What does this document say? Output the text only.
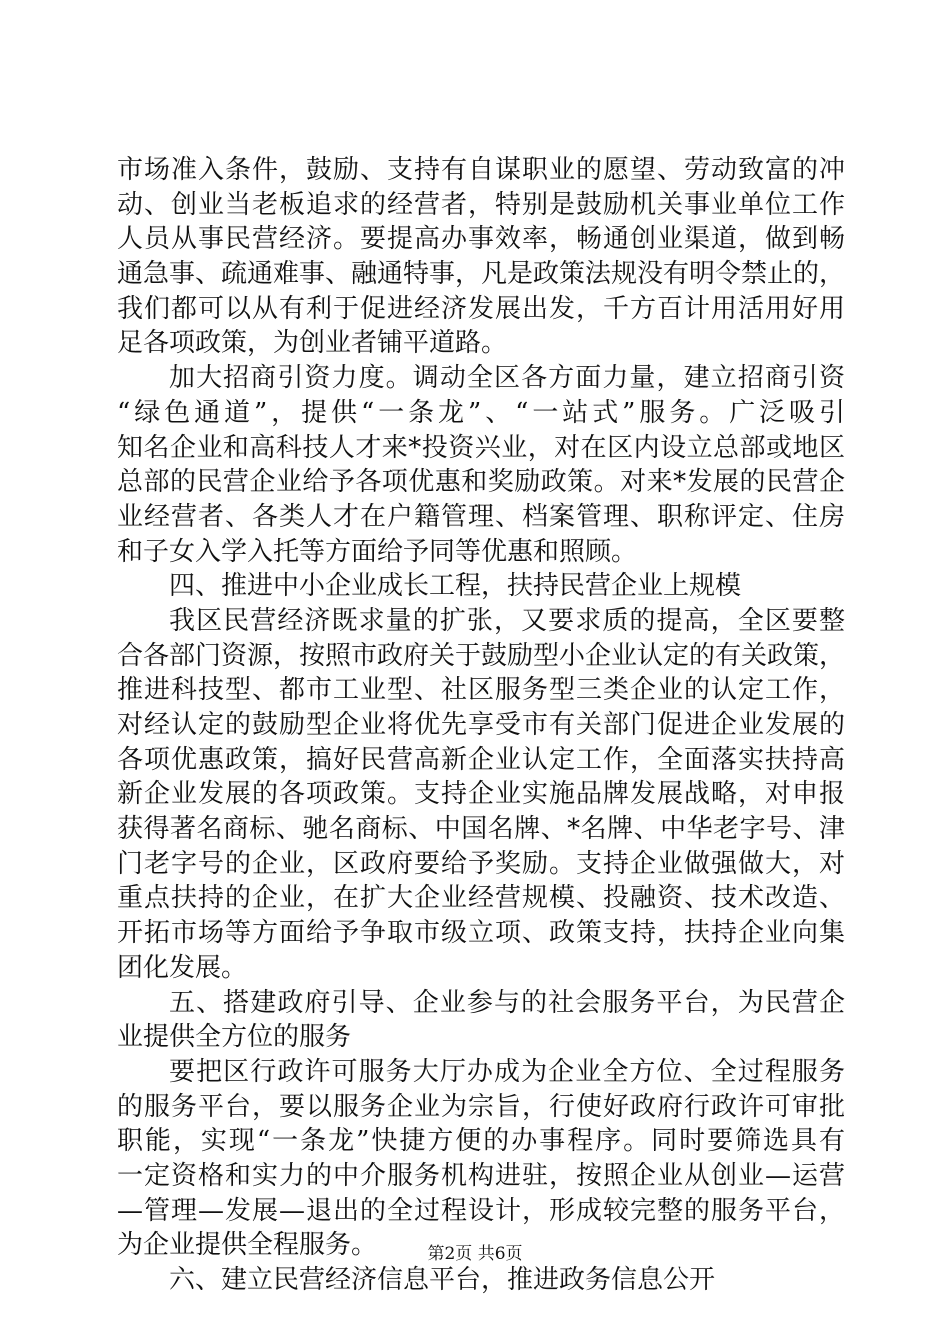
市场准入条件，鼓励、支持有自谋职业的愿望、劳动致富的冲
动、创业当老板追求的经营者，特别是鼓励机关事业单位工作
人员从事民营经济。要提高办事效率，畅通创业渠道，做到畅
通急事、疏通难事、融通特事，凡是政策法规没有明令禁止的，
我们都可以从有利于促进经济发展出发，千方百计用活用好用
足各项政策，为创业者铺平道路。
加大招商引资力度。调动全区各方面力量，建立招商引资
“绿色通道”，提供“一条龙”、“一站式”服务。广泛吸引
知名企业和高科技人才来*投资兴业，对在区内设立总部或地区
总部的民营企业给予各项优惠和奖励政策。对来*发展的民营企
业经营者、各类人才在户籍管理、档案管理、职称评定、住房
和子女入学入托等方面给予同等优惠和照顾。
四、推进中小企业成长工程，扶持民营企业上规模
我区民营经济既求量的扩张，又要求质的提高，全区要整
合各部门资源，按照市政府关于鼓励型小企业认定的有关政策，
推进科技型、都市工业型、社区服务型三类企业的认定工作，
对经认定的鼓励型企业将优先享受市有关部门促进企业发展的
各项优惠政策，搞好民营高新企业认定工作，全面落实扶持高
新企业发展的各项政策。支持企业实施品牌发展战略，对申报
获得著名商标、驰名商标、中国名牌、*名牌、中华老字号、津
门老字号的企业，区政府要给予奖励。支持企业做强做大，对
重点扶持的企业，在扩大企业经营规模、投融资、技术改造、
开拓市场等方面给予争取市级立项、政策支持，扶持企业向集
团化发展。
五、搭建政府引导、企业参与的社会服务平台，为民营企
业提供全方位的服务
要把区行政许可服务大厅办成为企业全方位、全过程服务
的服务平台，要以服务企业为宗旨，行使好政府行政许可审批
职能，实现“一条龙”快捷方便的办事程序。同时要筛选具有
一定资格和实力的中介服务机构进驻，按照企业从创业—运营
—管理—发展—退出的全过程设计，形成较完整的服务平台，
为企业提供全程服务。
六、建立民营经济信息平台，推进政务信息公开
第2页 共6页
